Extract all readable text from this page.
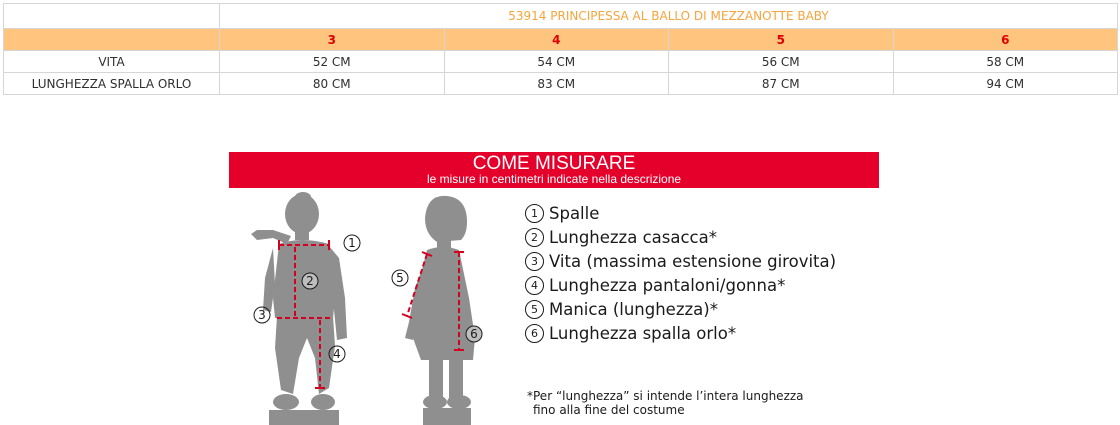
	53914 PRINCIPESSA AL BALLO DI MEZZANOTTE BABY			
	3	4	5	6
VITA	52 CM	54 CM	56 CM	58 CM
LUNGHEZZA SPALLA ORLO	80 CM	83 CM	87 CM	94 CM
COME MISURARE
le misure in centimetri indicate nella descrizione
1
2
3
4
5
6
1 Spalle
2 Lunghezza casacca*
3 Vita (massima estensione girovita)
4 Lunghezza pantaloni/gonna*
5 Manica (lunghezza)*
6 Lunghezza spalla orlo*
*Per “lunghezza” si intende l’intera lunghezza
fino alla fine del costume
